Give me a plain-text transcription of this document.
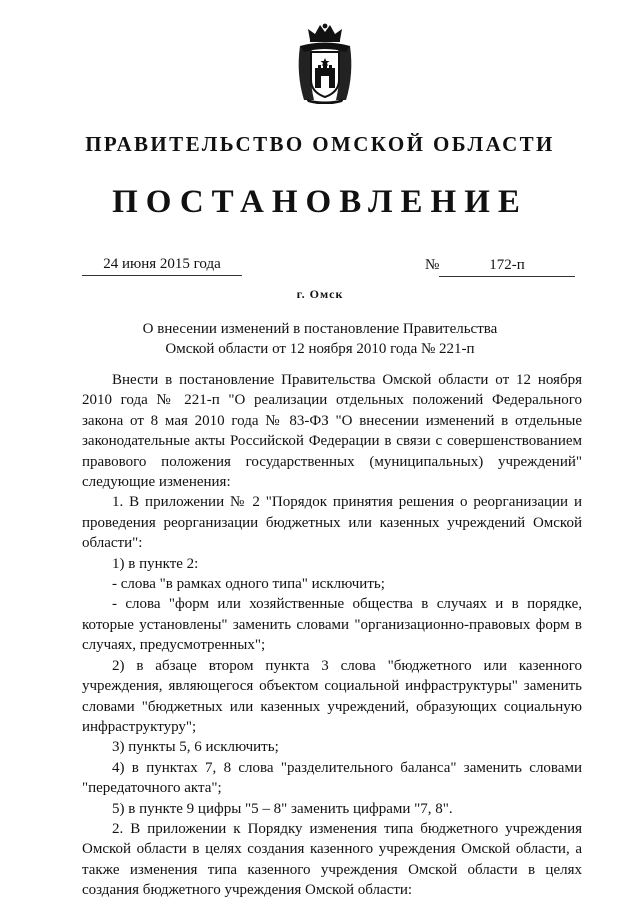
ПРАВИТЕЛЬСТВО ОМСКОЙ ОБЛАСТИ
ПОСТАНОВЛЕНИЕ
24 июня 2015 года	№	172-п
г. Омск
О внесении изменений в постановление Правительства
Омской области от 12 ноября 2010 года № 221-п

Внести в постановление Правительства Омской области от 12 ноября 2010 года № 221-п "О реализации отдельных положений Федерального закона от 8 мая 2010 года № 83-ФЗ "О внесении изменений в отдельные законодательные акты Российской Федерации в связи с совершенствованием правового положения государственных (муниципальных) учреждений" следующие изменения:

1. В приложении № 2 "Порядок принятия решения о реорганизации и проведения реорганизации бюджетных или казенных учреждений Омской области":

1) в пункте 2:

- слова "в рамках одного типа" исключить;

- слова "форм или хозяйственные общества в случаях и в порядке, которые установлены" заменить словами "организационно-правовых форм в случаях, предусмотренных";

2) в абзаце втором пункта 3 слова "бюджетного или казенного учреждения, являющегося объектом социальной инфраструктуры" заменить словами "бюджетных или казенных учреждений, образующих социальную инфраструктуру";

3) пункты 5, 6 исключить;

4) в пунктах 7, 8 слова "разделительного баланса" заменить словами "передаточного акта";

5) в пункте 9 цифры "5 – 8" заменить цифрами "7, 8".

2. В приложении к Порядку изменения типа бюджетного учреждения Омской области в целях создания казенного учреждения Омской области, а также изменения типа казенного учреждения Омской области в целях создания бюджетного учреждения Омской области:
